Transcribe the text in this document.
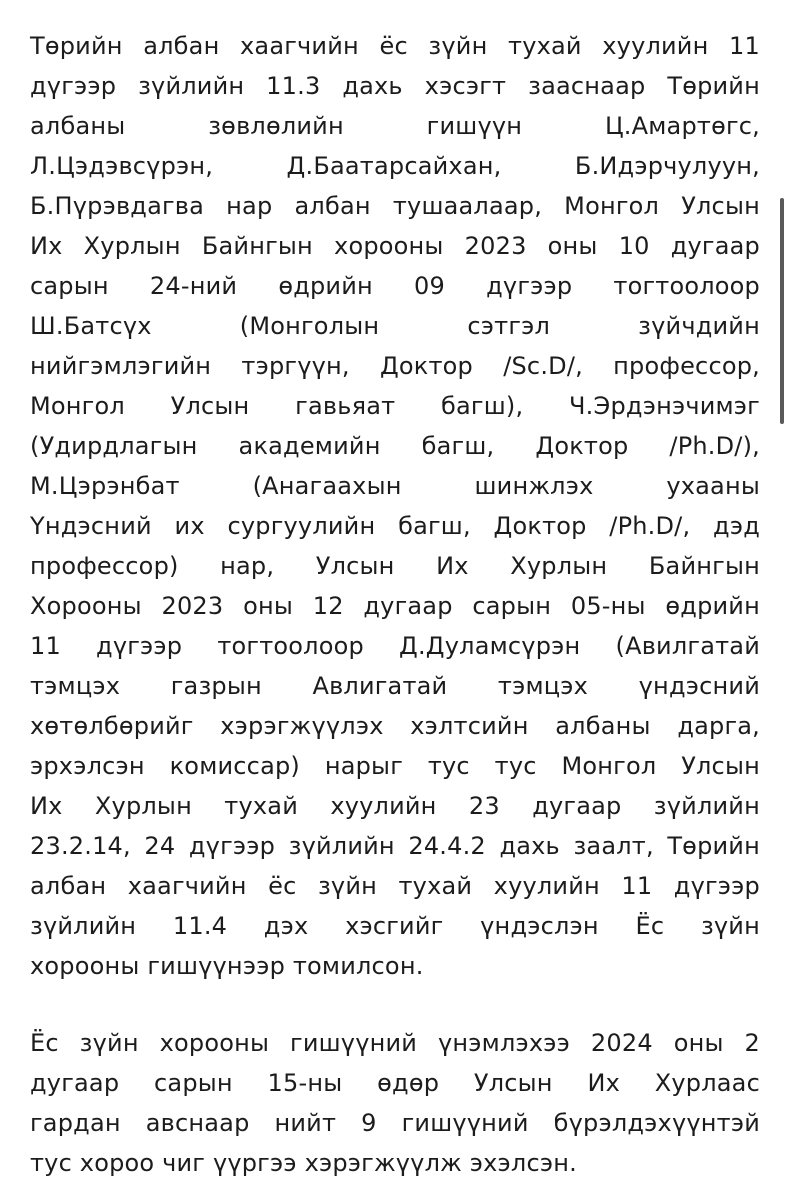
Төрийн албан хаагчийн ёс зүйн тухай хуулийн 11
дүгээр зүйлийн 11.3 дахь хэсэгт зааснаар Төрийн
албаны зөвлөлийн гишүүн Ц.Амартөгс,
Л.Цэдэвсүрэн, Д.Баатарсайхан, Б.Идэрчулуун,
Б.Пүрэвдагва нар албан тушаалаар, Монгол Улсын
Их Хурлын Байнгын хорооны 2023 оны 10 дугаар
сарын 24-ний өдрийн 09 дүгээр тогтоолоор
Ш.Батсүх (Монголын сэтгэл зүйчдийн
нийгэмлэгийн тэргүүн, Доктор /Sc.D/, профессор,
Монгол Улсын гавьяат багш), Ч.Эрдэнэчимэг
(Удирдлагын академийн багш, Доктор /Ph.D/),
М.Цэрэнбат (Анагаахын шинжлэх ухааны
Үндэсний их сургуулийн багш, Доктор /Ph.D/, дэд
профессор) нар, Улсын Их Хурлын Байнгын
Хорооны 2023 оны 12 дугаар сарын 05-ны өдрийн
11 дүгээр тогтоолоор Д.Дуламсүрэн (Авилгатай
тэмцэх газрын Авлигатай тэмцэх үндэсний
хөтөлбөрийг хэрэгжүүлэх хэлтсийн албаны дарга,
эрхэлсэн комиссар) нарыг тус тус Монгол Улсын
Их Хурлын тухай хуулийн 23 дугаар зүйлийн
23.2.14, 24 дүгээр зүйлийн 24.4.2 дахь заалт, Төрийн
албан хаагчийн ёс зүйн тухай хуулийн 11 дүгээр
зүйлийн 11.4 дэх хэсгийг үндэслэн Ёс зүйн
хорооны гишүүнээр томилсон.
Ёс зүйн хорооны гишүүний үнэмлэхээ 2024 оны 2
дугаар сарын 15-ны өдөр Улсын Их Хурлаас
гардан авснаар нийт 9 гишүүний бүрэлдэхүүнтэй
тус хороо чиг үүргээ хэрэгжүүлж эхэлсэн.
